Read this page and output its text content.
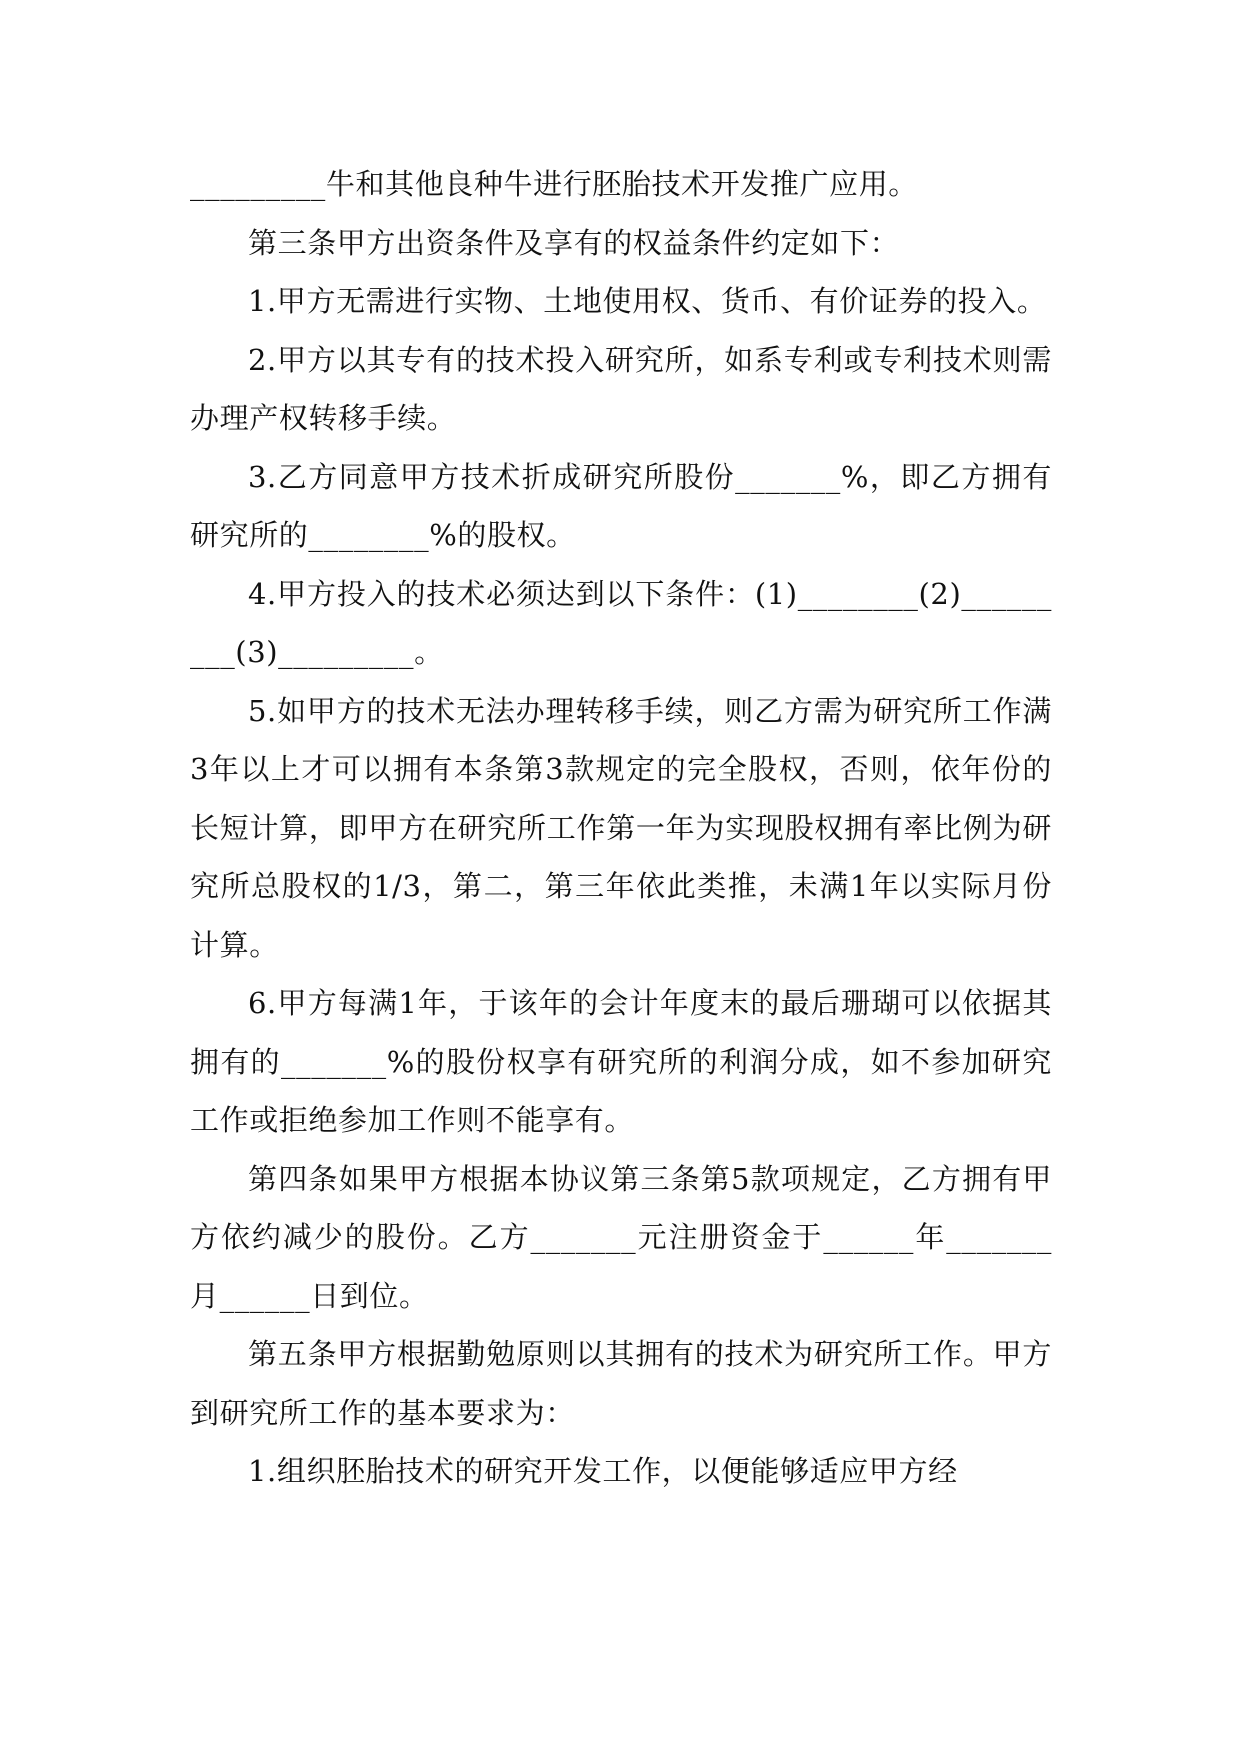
_________牛和其他良种牛进行胚胎技术开发推广应用。

第三条甲方出资条件及享有的权益条件约定如下：

1.甲方无需进行实物、土地使用权、货币、有价证券的投入。

2.甲方以其专有的技术投入研究所，如系专利或专利技术则需办理产权转移手续。

3.乙方同意甲方技术折成研究所股份_______%，即乙方拥有研究所的________%的股权。

4.甲方投入的技术必须达到以下条件：(1)________(2)_________(3)_________。

5.如甲方的技术无法办理转移手续，则乙方需为研究所工作满3年以上才可以拥有本条第3款规定的完全股权，否则，依年份的长短计算，即甲方在研究所工作第一年为实现股权拥有率比例为研究所总股权的1/3，第二，第三年依此类推，未满1年以实际月份计算。

6.甲方每满1年，于该年的会计年度末的最后珊瑚可以依据其拥有的_______%的股份权享有研究所的利润分成，如不参加研究工作或拒绝参加工作则不能享有。

第四条如果甲方根据本协议第三条第5款项规定，乙方拥有甲方依约减少的股份。乙方_______元注册资金于______年_______月______日到位。

第五条甲方根据勤勉原则以其拥有的技术为研究所工作。甲方到研究所工作的基本要求为：

1.组织胚胎技术的研究开发工作，以便能够适应甲方经
